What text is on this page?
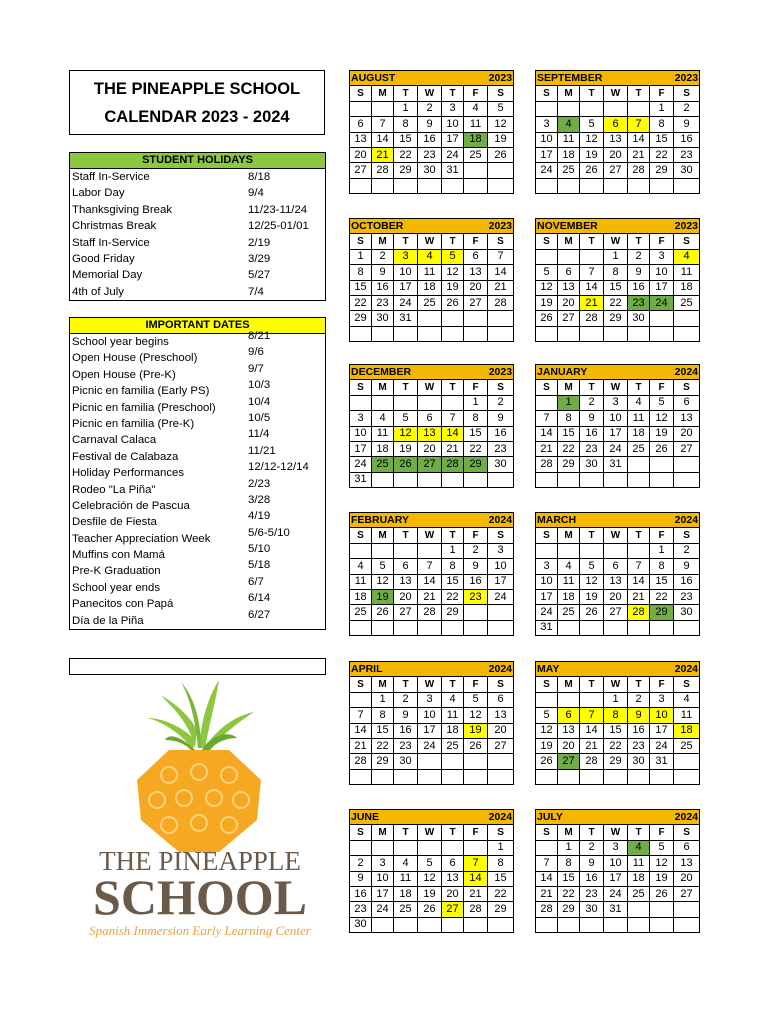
THE PINEAPPLE SCHOOL
CALENDAR 2023 - 2024
STUDENT HOLIDAYS
Staff In-Service	8/18
Labor Day	9/4
Thanksgiving Break	11/23-11/24
Christmas Break	12/25-01/01
Staff In-Service	2/19
Good Friday	3/29
Memorial Day	5/27
4th of July	7/4
IMPORTANT DATES
School year begins	8/21
Open House (Preschool)	9/6
Open House (Pre-K)	9/7
Picnic en familia (Early PS)	10/3
Picnic en familia (Preschool)	10/4
Picnic en familia (Pre-K)	10/5
Carnaval Calaca	11/4
Festival de Calabaza	11/21
Holiday Performances	12/12-12/14
Rodeo "La Piña"	2/23
Celebración de Pascua	3/28
Desfile de Fiesta	4/19
Teacher Appreciation Week	5/6-5/10
Muffins con Mamá	5/10
Pre-K Graduation	5/18
School year ends	6/7
Panecitos con Papá	6/14
Día de la Piña	6/27
THE PINEAPPLE
SCHOOL
Spanish Immersion Early Learning Center
AUGUST				2023		
S	M	T	W	T	F	S
		1	2	3	4	5
6	7	8	9	10	11	12
13	14	15	16	17	18	19
20	21	22	23	24	25	26
27	28	29	30	31		

SEPTEMBER				2023		
S	M	T	W	T	F	S
					1	2
3	4	5	6	7	8	9
10	11	12	13	14	15	16
17	18	19	20	21	22	23
24	25	26	27	28	29	30

OCTOBER				2023		
S	M	T	W	T	F	S
1	2	3	4	5	6	7
8	9	10	11	12	13	14
15	16	17	18	19	20	21
22	23	24	25	26	27	28
29	30	31				

NOVEMBER				2023		
S	M	T	W	T	F	S
			1	2	3	4
5	6	7	8	9	10	11
12	13	14	15	16	17	18
19	20	21	22	23	24	25
26	27	28	29	30		

DECEMBER				2023		
S	M	T	W	T	F	S
					1	2
3	4	5	6	7	8	9
10	11	12	13	14	15	16
17	18	19	20	21	22	23
24	25	26	27	28	29	30
31						
JANUARY				2024		
S	M	T	W	T	F	S
	1	2	3	4	5	6
7	8	9	10	11	12	13
14	15	16	17	18	19	20
21	22	23	24	25	26	27
28	29	30	31			

FEBRUARY				2024		
S	M	T	W	T	F	S
				1	2	3
4	5	6	7	8	9	10
11	12	13	14	15	16	17
18	19	20	21	22	23	24
25	26	27	28	29		

MARCH				2024		
S	M	T	W	T	F	S
					1	2
3	4	5	6	7	8	9
10	11	12	13	14	15	16
17	18	19	20	21	22	23
24	25	26	27	28	29	30
31						
APRIL				2024		
S	M	T	W	T	F	S
	1	2	3	4	5	6
7	8	9	10	11	12	13
14	15	16	17	18	19	20
21	22	23	24	25	26	27
28	29	30				

MAY				2024		
S	M	T	W	T	F	S
			1	2	3	4
5	6	7	8	9	10	11
12	13	14	15	16	17	18
19	20	21	22	23	24	25
26	27	28	29	30	31	

JUNE				2024		
S	M	T	W	T	F	S
						1
2	3	4	5	6	7	8
9	10	11	12	13	14	15
16	17	18	19	20	21	22
23	24	25	26	27	28	29
30						
JULY				2024		
S	M	T	W	T	F	S
	1	2	3	4	5	6
7	8	9	10	11	12	13
14	15	16	17	18	19	20
21	22	23	24	25	26	27
28	29	30	31			
